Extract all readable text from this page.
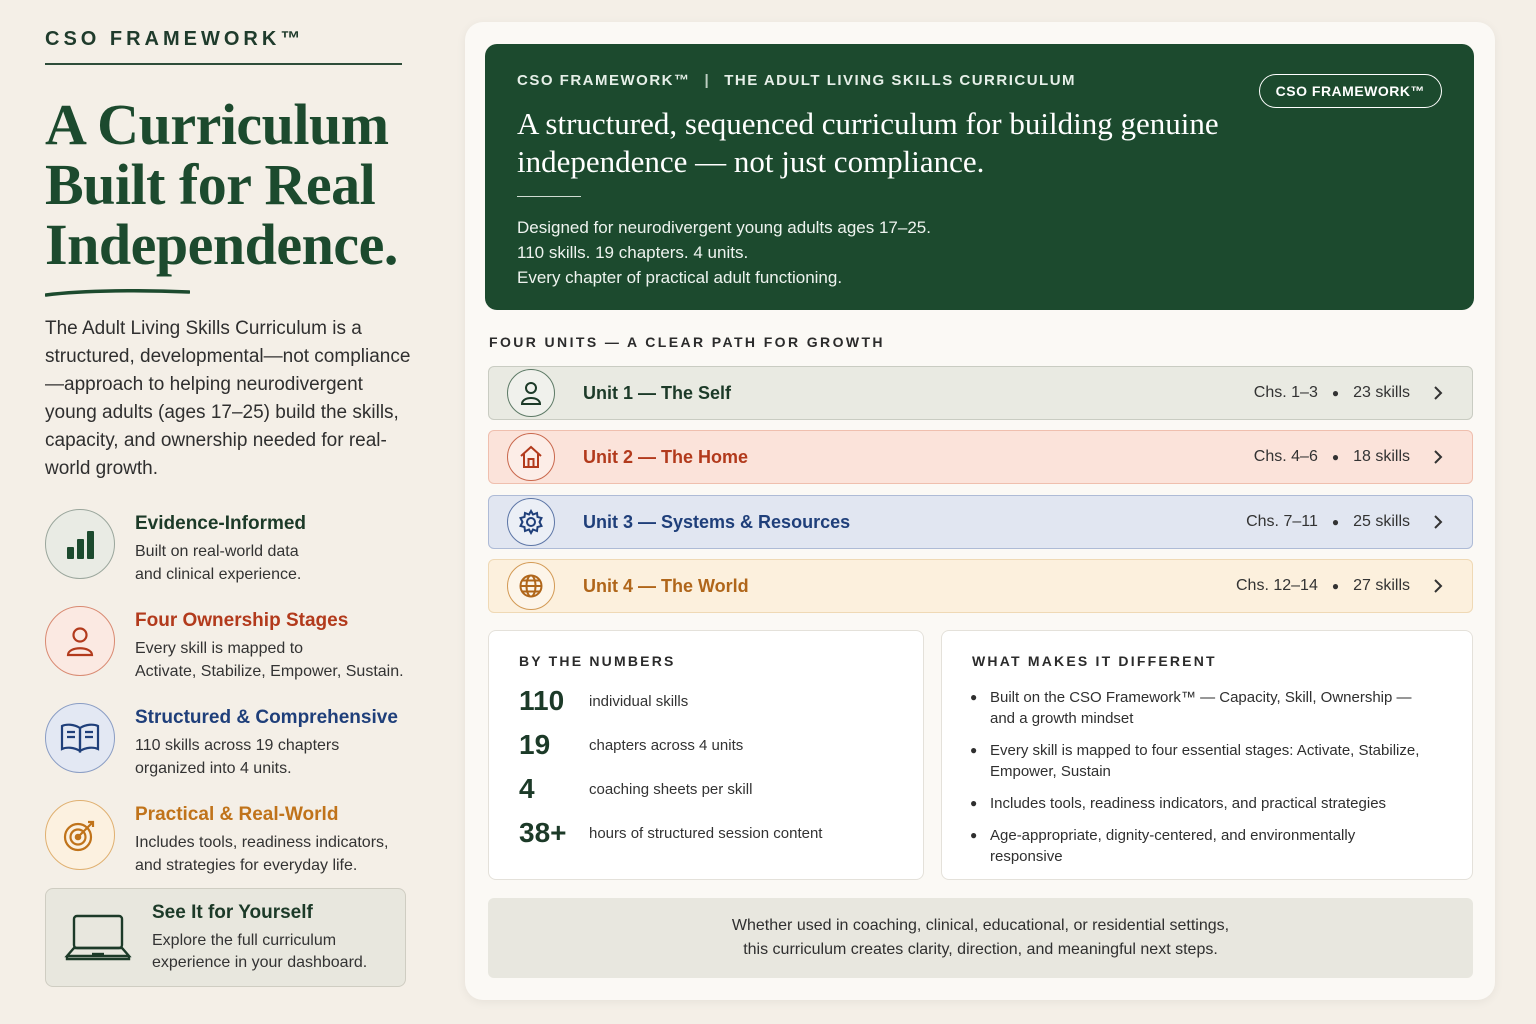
CSO FRAMEWORK™
A Curriculum
Built for Real
Independence.

The Adult Living Skills Curriculum is a structured, developmental—not compliance—approach to helping neurodivergent young adults (ages 17–25) build the skills, capacity, and ownership needed for real-world growth.

Evidence-Informed

Built on real-world data
and clinical experience.

Four Ownership Stages

Every skill is mapped to
Activate, Stabilize, Empower, Sustain.

Structured & Comprehensive

110 skills across 19 chapters
organized into 4 units.

Practical & Real-World

Includes tools, readiness indicators,
and strategies for everyday life.

See It for Yourself

Explore the full curriculum
experience in your dashboard.

CSO FRAMEWORK™ | THE ADULT LIVING SKILLS CURRICULUM
A structured, sequenced curriculum for building genuine independence — not just compliance.
Designed for neurodivergent young adults ages 17–25.
110 skills. 19 chapters. 4 units.
Every chapter of practical adult functioning.
CSO FRAMEWORK™
FOUR UNITS — A CLEAR PATH FOR GROWTH
Unit 1 — The Self	Chs. 1–3 ● 23 skills
Unit 2 — The Home	Chs. 4–6 ● 18 skills
Unit 3 — Systems & Resources	Chs. 7–11 ● 25 skills
Unit 4 — The World	Chs. 12–14 ● 27 skills
BY THE NUMBERS
110	individual skills
19	chapters across 4 units
4	coaching sheets per skill
38+	hours of structured session content
WHAT MAKES IT DIFFERENT
● Built on the CSO Framework™ — Capacity, Skill, Ownership — and a growth mindset
● Every skill is mapped to four essential stages: Activate, Stabilize, Empower, Sustain
● Includes tools, readiness indicators, and practical strategies
● Age-appropriate, dignity-centered, and environmentally responsive
Whether used in coaching, clinical, educational, or residential settings,
this curriculum creates clarity, direction, and meaningful next steps.
